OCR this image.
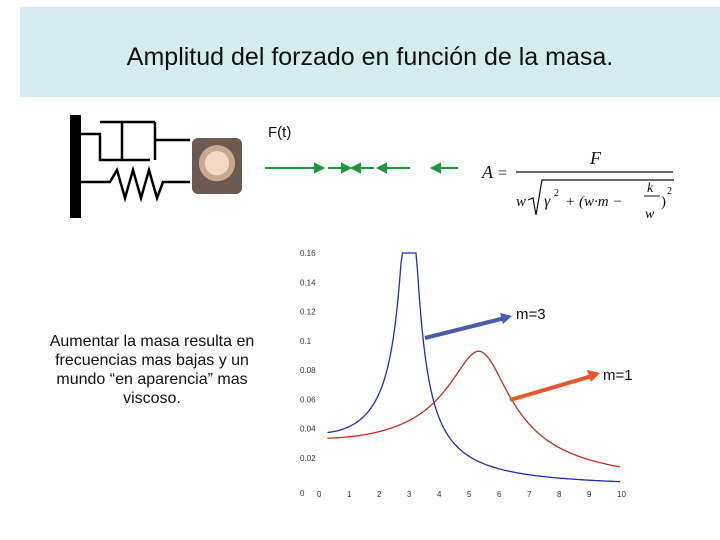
Amplitud del forzado en función de la masa.
F(t)
A =
F
w γ 2
+ (w·m −
k
w
)
2
Aumentar la masa resulta en frecuencias mas bajas y un mundo “en aparencia” mas viscoso.
0
0.02
0.04
0.06
0.08
0.1
0.12
0.14
0.16
0	1	2	3	4	5	6	7	8	9	10
m=3
m=1
